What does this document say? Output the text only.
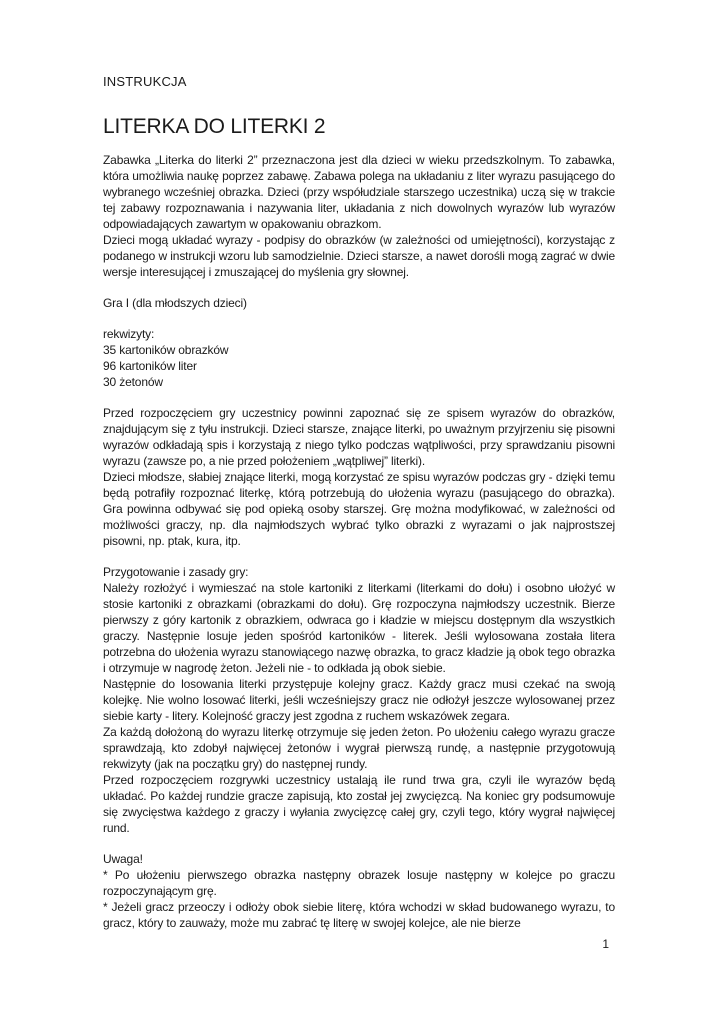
INSTRUKCJA
LITERKA DO LITERKI 2

Zabawka „Literka do literki 2” przeznaczona jest dla dzieci w wieku przedszkolnym. To zabawka, która umożliwia naukę poprzez zabawę. Zabawa polega na układaniu z liter wyrazu pasującego do wybranego wcześniej obrazka. Dzieci (przy współudziale starszego uczestnika) uczą się w trakcie tej zabawy rozpoznawania i nazywania liter, układania z nich dowolnych wyrazów lub wyrazów odpowiadających zawartym w opakowaniu obrazkom.

Dzieci mogą układać wyrazy - podpisy do obrazków (w zależności od umiejętności), korzystając z podanego w instrukcji wzoru lub samodzielnie. Dzieci starsze, a nawet dorośli mogą zagrać w dwie wersje interesującej i zmuszającej do myślenia gry słownej.

Gra I (dla młodszych dzieci)

rekwizyty:

35 kartoników obrazków

96 kartoników liter

30 żetonów

Przed rozpoczęciem gry uczestnicy powinni zapoznać się ze spisem wyrazów do obrazków, znajdującym się z tyłu instrukcji. Dzieci starsze, znające literki, po uważnym przyjrzeniu się pisowni wyrazów odkładają spis i korzystają z niego tylko podczas wątpliwości, przy sprawdzaniu pisowni wyrazu (zawsze po, a nie przed położeniem „wątpliwej” literki).

Dzieci młodsze, słabiej znające literki, mogą korzystać ze spisu wyrazów podczas gry - dzięki temu będą potrafiły rozpoznać literkę, którą potrzebują do ułożenia wyrazu (pasującego do obrazka). Gra powinna odbywać się pod opieką osoby starszej. Grę można modyfikować, w zależności od możliwości graczy, np. dla najmłodszych wybrać tylko obrazki z wyrazami o jak najprostszej pisowni, np. ptak, kura, itp.

Przygotowanie i zasady gry:

Należy rozłożyć i wymieszać na stole kartoniki z literkami (literkami do dołu) i osobno ułożyć w stosie kartoniki z obrazkami (obrazkami do dołu). Grę rozpoczyna najmłodszy uczestnik. Bierze pierwszy z góry kartonik z obrazkiem, odwraca go i kładzie w miejscu dostępnym dla wszystkich graczy. Następnie losuje jeden spośród kartoników - literek. Jeśli wylosowana została litera potrzebna do ułożenia wyrazu stanowiącego nazwę obrazka, to gracz kładzie ją obok tego obrazka i otrzymuje w nagrodę żeton. Jeżeli nie - to odkłada ją obok siebie.

Następnie do losowania literki przystępuje kolejny gracz. Każdy gracz musi czekać na swoją kolejkę. Nie wolno losować literki, jeśli wcześniejszy gracz nie odłożył jeszcze wylosowanej przez siebie karty - litery. Kolejność graczy jest zgodna z ruchem wskazówek zegara.

Za każdą dołożoną do wyrazu literkę otrzymuje się jeden żeton. Po ułożeniu całego wyrazu gracze sprawdzają, kto zdobył najwięcej żetonów i wygrał pierwszą rundę, a następnie przygotowują rekwizyty (jak na początku gry) do następnej rundy.

Przed rozpoczęciem rozgrywki uczestnicy ustalają ile rund trwa gra, czyli ile wyrazów będą układać. Po każdej rundzie gracze zapisują, kto został jej zwycięzcą. Na koniec gry podsumowuje się zwycięstwa każdego z graczy i wyłania zwycięzcę całej gry, czyli tego, który wygrał najwięcej rund.

Uwaga!

* Po ułożeniu pierwszego obrazka następny obrazek losuje następny w kolejce po graczu rozpoczynającym grę.

* Jeżeli gracz przeoczy i odłoży obok siebie literę, która wchodzi w skład budowanego wyrazu, to gracz, który to zauważy, może mu zabrać tę literę w swojej kolejce, ale nie bierze

1
